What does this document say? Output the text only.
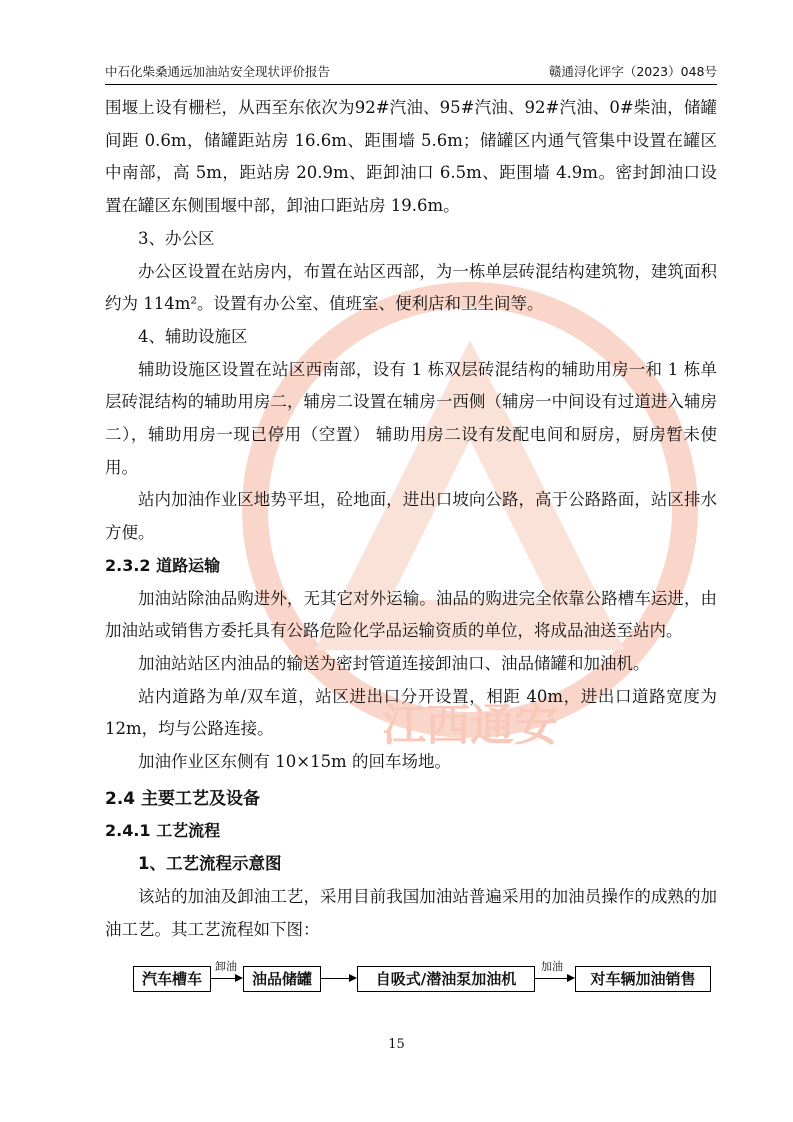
中石化柴桑通远加油站安全现状评价报告	赣通浔化评字（2023）048号
江西通安

围堰上设有栅栏，从西至东依次为92#汽油、95#汽油、92#汽油、0#柴油，储罐间距 0.6m，储罐距站房 16.6m、距围墙 5.6m；储罐区内通气管集中设置在罐区中南部，高 5m，距站房 20.9m、距卸油口 6.5m、距围墙 4.9m。密封卸油口设置在罐区东侧围堰中部，卸油口距站房 19.6m。

3、办公区

办公区设置在站房内，布置在站区西部，为一栋单层砖混结构建筑物，建筑面积约为 114m²。设置有办公室、值班室、便利店和卫生间等。

4、辅助设施区

辅助设施区设置在站区西南部，设有 1 栋双层砖混结构的辅助用房一和 1 栋单层砖混结构的辅助用房二，辅房二设置在辅房一西侧（辅房一中间设有过道进入辅房二），辅助用房一现已停用（空置） 辅助用房二设有发配电间和厨房，厨房暂未使用。

站内加油作业区地势平坦，砼地面，进出口坡向公路，高于公路路面，站区排水方便。

2.3.2 道路运输

加油站除油品购进外，无其它对外运输。油品的购进完全依靠公路槽车运进，由加油站或销售方委托具有公路危险化学品运输资质的单位，将成品油送至站内。

加油站站区内油品的输送为密封管道连接卸油口、油品储罐和加油机。

站内道路为单/双车道，站区进出口分开设置，相距 40m，进出口道路宽度为 12m，均与公路连接。

加油作业区东侧有 10×15m 的回车场地。

2.4 主要工艺及设备

2.4.1 工艺流程

1、工艺流程示意图

该站的加油及卸油工艺，采用目前我国加油站普遍采用的加油员操作的成熟的加油工艺。其工艺流程如下图：

汽车槽车
卸油
油品储罐	自吸式/潜油泵加油机
加油
对车辆加油销售
15
